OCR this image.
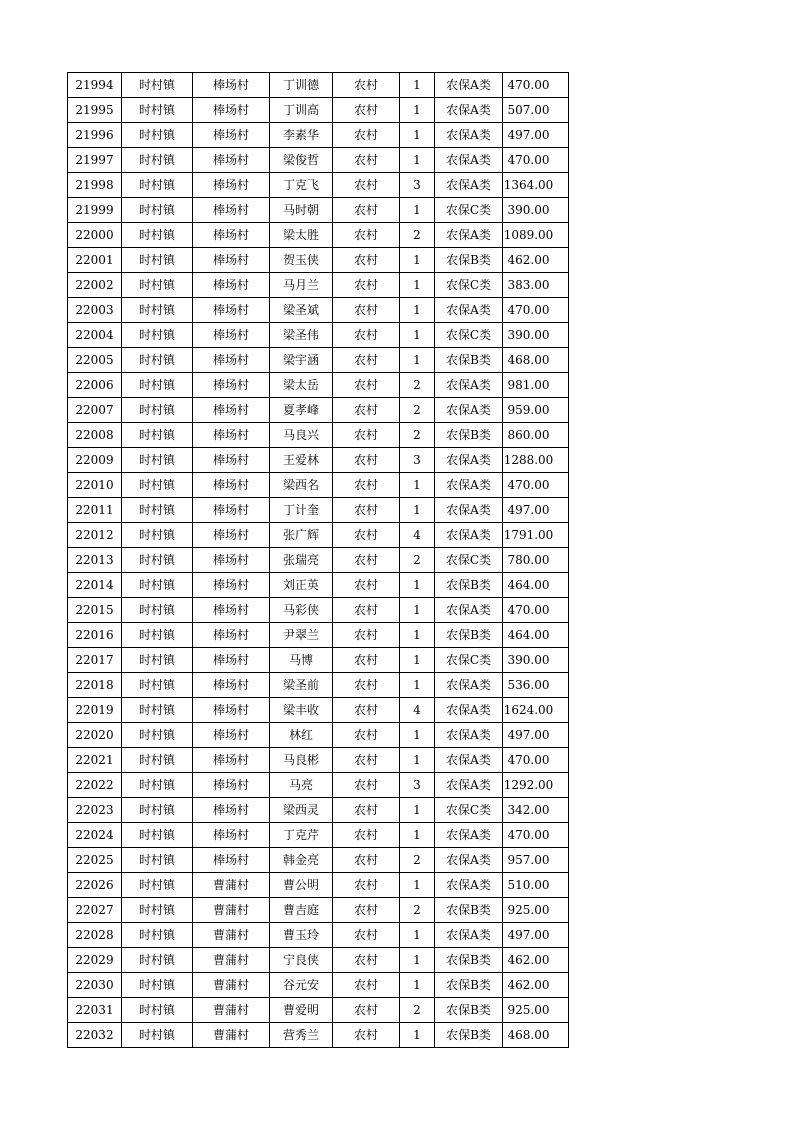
21994	时村镇	棒场村	丁训德	农村	1	农保A类	470.00
21995	时村镇	棒场村	丁训高	农村	1	农保A类	507.00
21996	时村镇	棒场村	李素华	农村	1	农保A类	497.00
21997	时村镇	棒场村	梁俊哲	农村	1	农保A类	470.00
21998	时村镇	棒场村	丁克飞	农村	3	农保A类	1364.00
21999	时村镇	棒场村	马时朝	农村	1	农保C类	390.00
22000	时村镇	棒场村	梁太胜	农村	2	农保A类	1089.00
22001	时村镇	棒场村	贺玉侠	农村	1	农保B类	462.00
22002	时村镇	棒场村	马月兰	农村	1	农保C类	383.00
22003	时村镇	棒场村	梁圣斌	农村	1	农保A类	470.00
22004	时村镇	棒场村	梁圣伟	农村	1	农保C类	390.00
22005	时村镇	棒场村	梁宇涵	农村	1	农保B类	468.00
22006	时村镇	棒场村	梁太岳	农村	2	农保A类	981.00
22007	时村镇	棒场村	夏孝峰	农村	2	农保A类	959.00
22008	时村镇	棒场村	马良兴	农村	2	农保B类	860.00
22009	时村镇	棒场村	王爱林	农村	3	农保A类	1288.00
22010	时村镇	棒场村	梁西名	农村	1	农保A类	470.00
22011	时村镇	棒场村	丁计奎	农村	1	农保A类	497.00
22012	时村镇	棒场村	张广辉	农村	4	农保A类	1791.00
22013	时村镇	棒场村	张瑞亮	农村	2	农保C类	780.00
22014	时村镇	棒场村	刘正英	农村	1	农保B类	464.00
22015	时村镇	棒场村	马彩侠	农村	1	农保A类	470.00
22016	时村镇	棒场村	尹翠兰	农村	1	农保B类	464.00
22017	时村镇	棒场村	马博	农村	1	农保C类	390.00
22018	时村镇	棒场村	梁圣前	农村	1	农保A类	536.00
22019	时村镇	棒场村	梁丰收	农村	4	农保A类	1624.00
22020	时村镇	棒场村	林红	农村	1	农保A类	497.00
22021	时村镇	棒场村	马良彬	农村	1	农保A类	470.00
22022	时村镇	棒场村	马亮	农村	3	农保A类	1292.00
22023	时村镇	棒场村	梁西灵	农村	1	农保C类	342.00
22024	时村镇	棒场村	丁克芹	农村	1	农保A类	470.00
22025	时村镇	棒场村	韩金亮	农村	2	农保A类	957.00
22026	时村镇	曹蒲村	曹公明	农村	1	农保A类	510.00
22027	时村镇	曹蒲村	曹吉庭	农村	2	农保B类	925.00
22028	时村镇	曹蒲村	曹玉玲	农村	1	农保A类	497.00
22029	时村镇	曹蒲村	宁良侠	农村	1	农保B类	462.00
22030	时村镇	曹蒲村	谷元安	农村	1	农保B类	462.00
22031	时村镇	曹蒲村	曹爱明	农村	2	农保B类	925.00
22032	时村镇	曹蒲村	营秀兰	农村	1	农保B类	468.00
